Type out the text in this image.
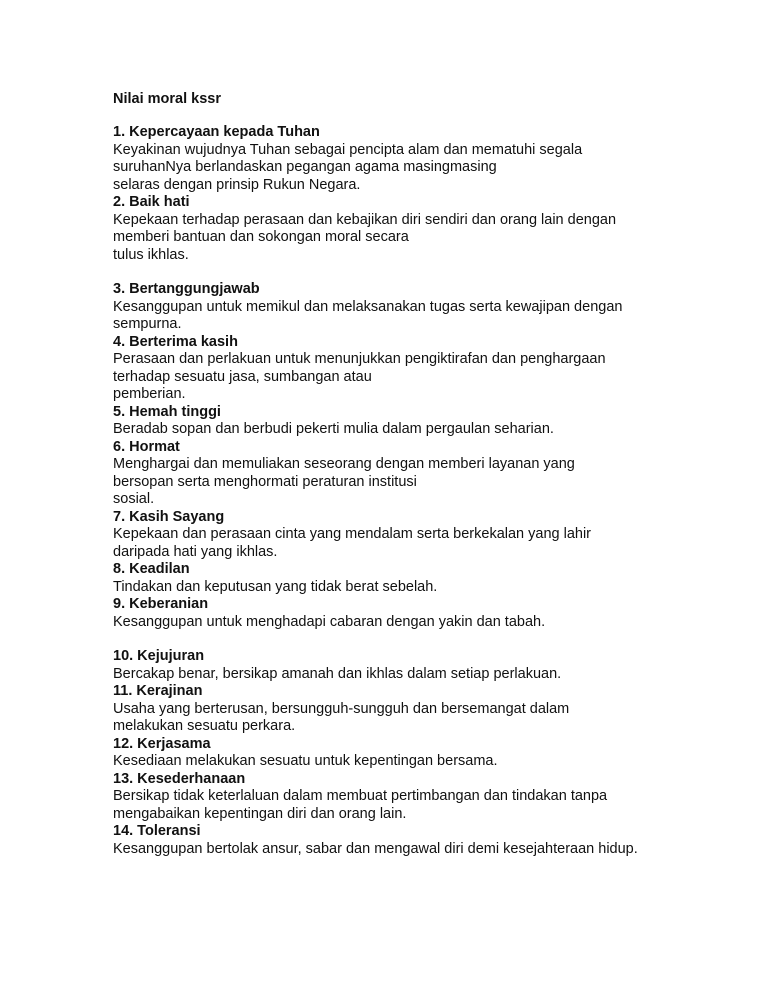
Nilai moral kssr

1. Kepercayaan kepada Tuhan

Keyakinan wujudnya Tuhan sebagai pencipta alam dan mematuhi segala

suruhanNya berlandaskan pegangan agama masingmasing

selaras dengan prinsip Rukun Negara.

2. Baik hati

Kepekaan terhadap perasaan dan kebajikan diri sendiri dan orang lain dengan

memberi bantuan dan sokongan moral secara

tulus ikhlas.

3. Bertanggungjawab

Kesanggupan untuk memikul dan melaksanakan tugas serta kewajipan dengan

sempurna.

4. Berterima kasih

Perasaan dan perlakuan untuk menunjukkan pengiktirafan dan penghargaan

terhadap sesuatu jasa, sumbangan atau

pemberian.

5. Hemah tinggi

Beradab sopan dan berbudi pekerti mulia dalam pergaulan seharian.

6. Hormat

Menghargai dan memuliakan seseorang dengan memberi layanan yang

bersopan serta menghormati peraturan institusi

sosial.

7. Kasih Sayang

Kepekaan dan perasaan cinta yang mendalam serta berkekalan yang lahir

daripada hati yang ikhlas.

8. Keadilan

Tindakan dan keputusan yang tidak berat sebelah.

9. Keberanian

Kesanggupan untuk menghadapi cabaran dengan yakin dan tabah.

10. Kejujuran

Bercakap benar, bersikap amanah dan ikhlas dalam setiap perlakuan.

11. Kerajinan

Usaha yang berterusan, bersungguh-sungguh dan bersemangat dalam

melakukan sesuatu perkara.

12. Kerjasama

Kesediaan melakukan sesuatu untuk kepentingan bersama.

13. Kesederhanaan

Bersikap tidak keterlaluan dalam membuat pertimbangan dan tindakan tanpa

mengabaikan kepentingan diri dan orang lain.

14. Toleransi

Kesanggupan bertolak ansur, sabar dan mengawal diri demi kesejahteraan hidup.
